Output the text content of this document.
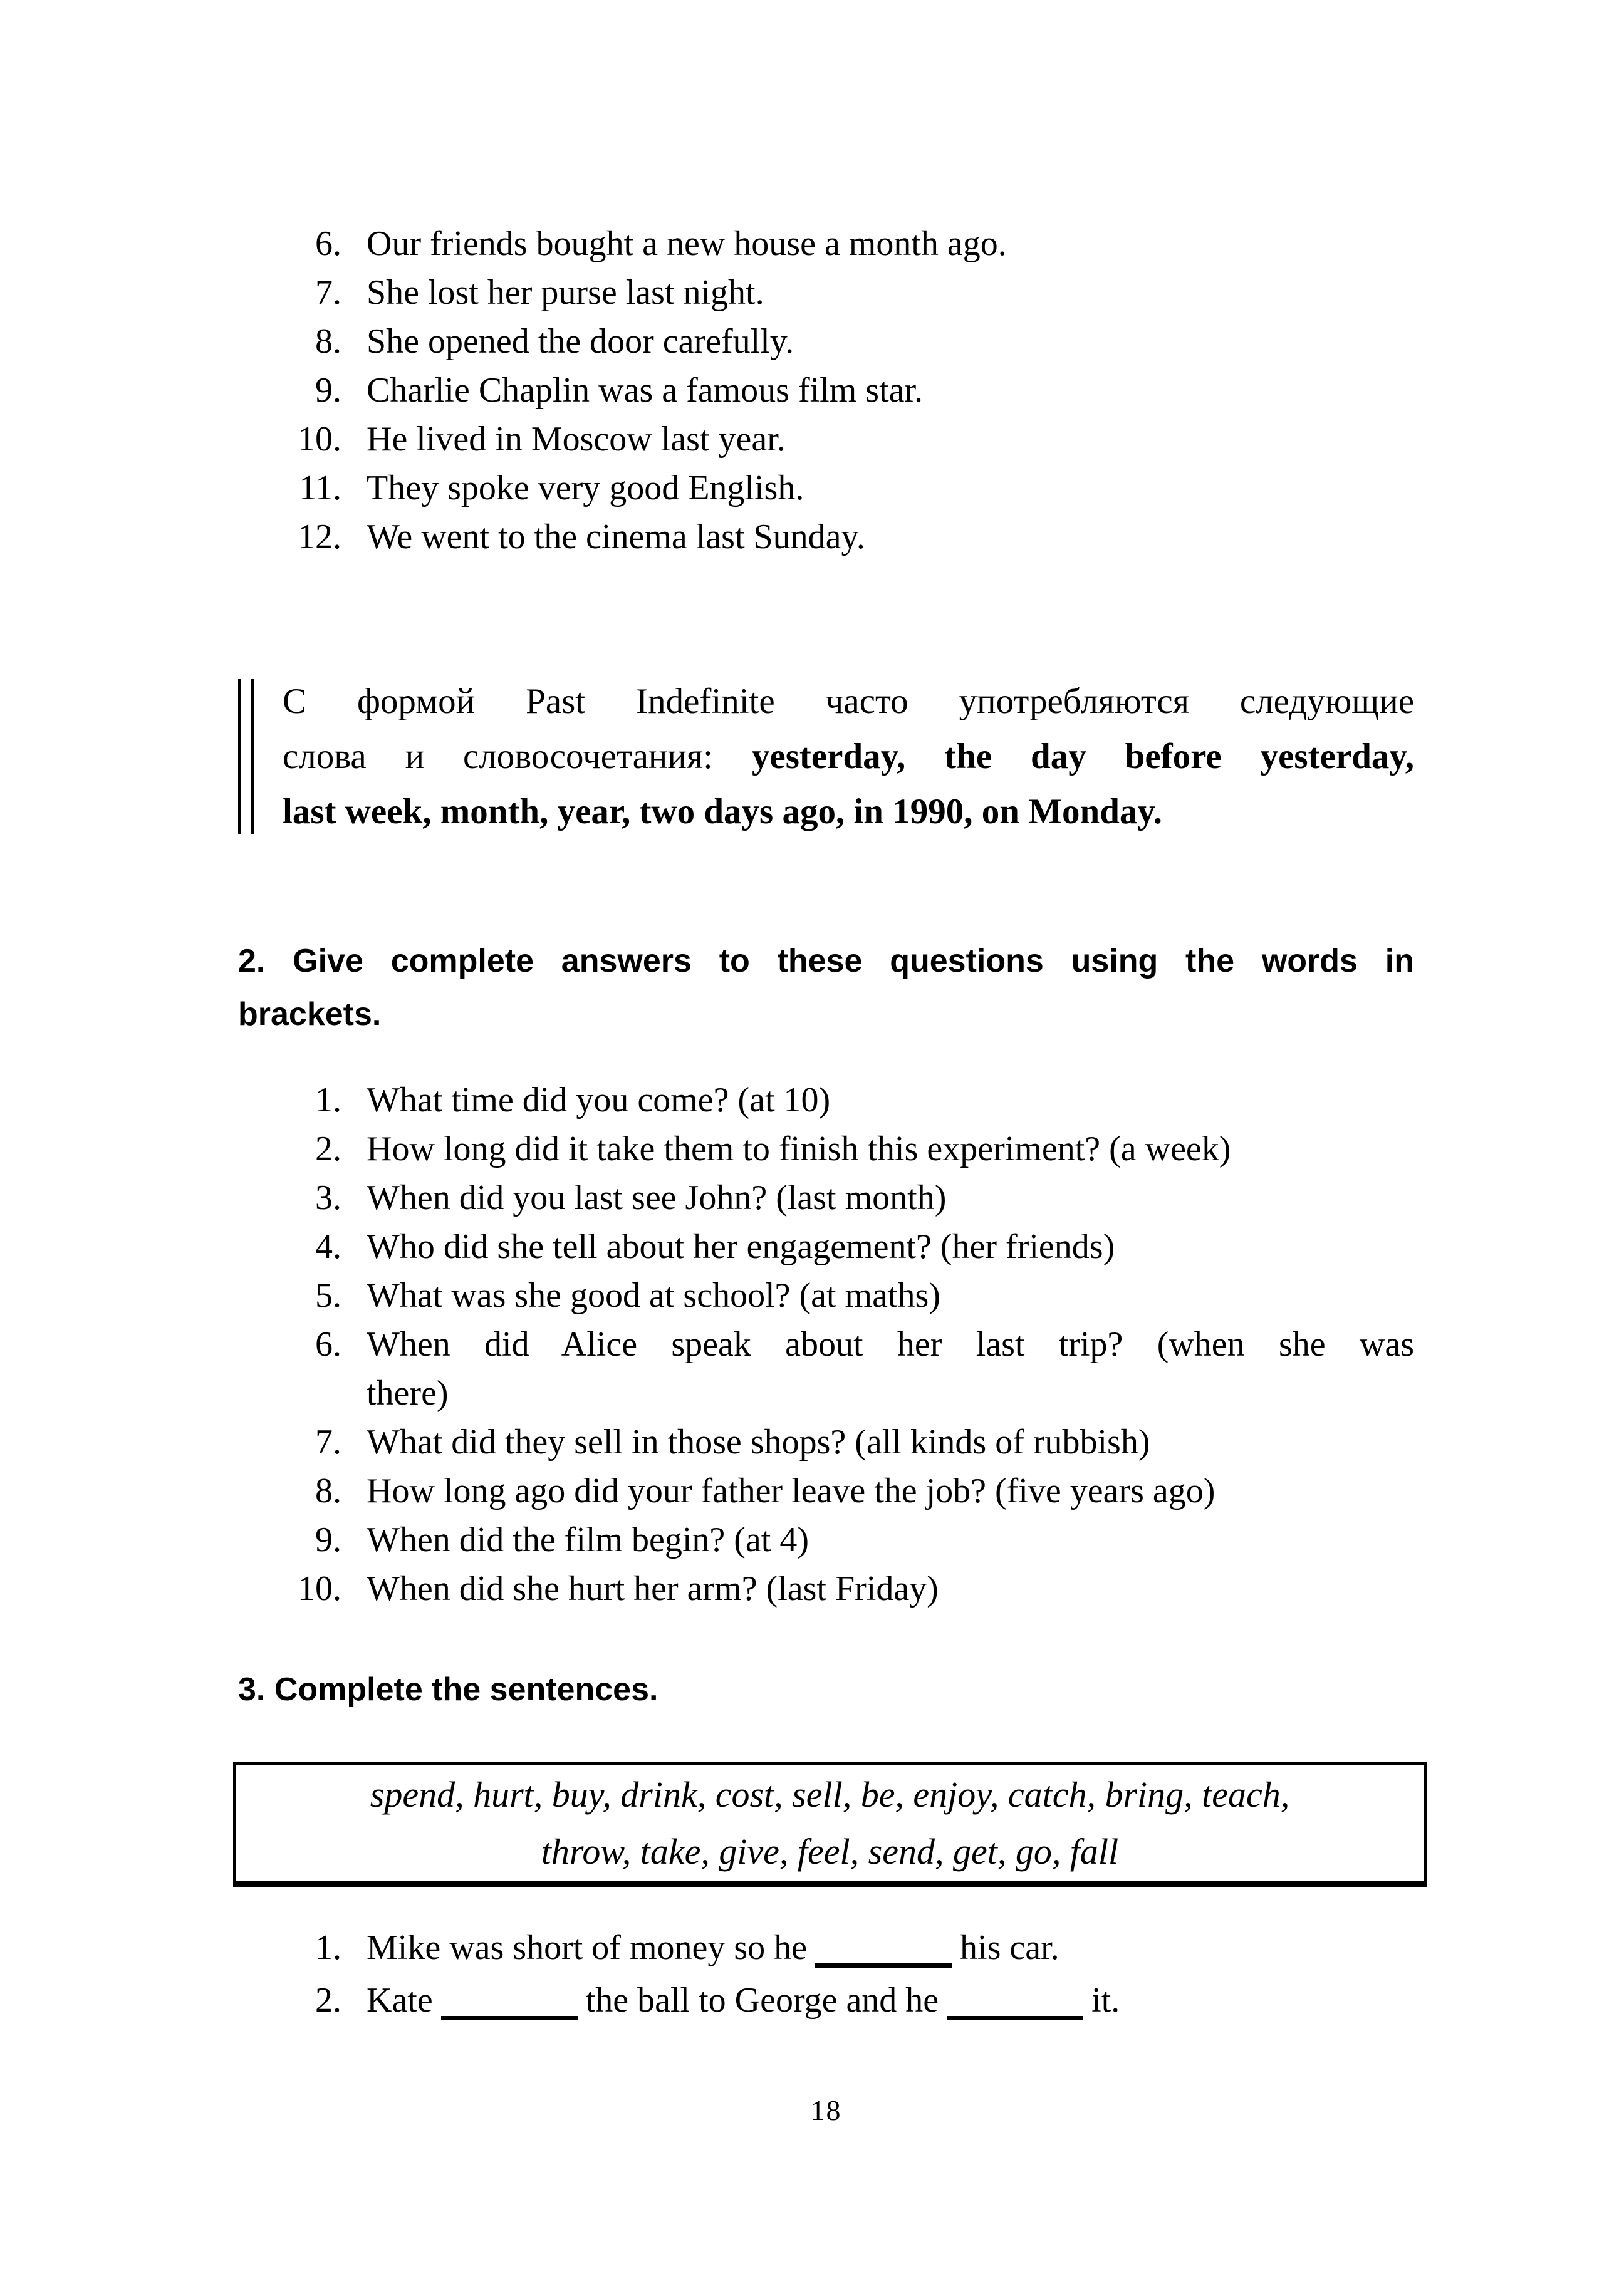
6. Our friends bought a new house a month ago.
7. She lost her purse last night.
8. She opened the door carefully.
9. Charlie Chaplin was a famous film star.
10. He lived in Moscow last year.
11. They spoke very good English.
12. We went to the cinema last Sunday.
С формой Past Indefinite часто употребляются следующие
слова и словосочетания: yesterday, the day before yesterday,
last week, month, year, two days ago, in 1990, on Monday.
2. Give complete answers to these questions using the words in
brackets.
1. What time did you come? (at 10)
2. How long did it take them to finish this experiment? (a week)
3. When did you last see John? (last month)
4. Who did she tell about her engagement? (her friends)
5. What was she good at school? (at maths)
6. When did Alice speak about her last trip? (when she was
there)
7. What did they sell in those shops? (all kinds of rubbish)
8. How long ago did your father leave the job? (five years ago)
9. When did the film begin? (at 4)
10. When did she hurt her arm? (last Friday)
3. Complete the sentences.
spend, hurt, buy, drink, cost, sell, be, enjoy, catch, bring, teach,
throw, take, give, feel, send, get, go, fall
1. Mike was short of money so he	his car.
2. Kate	the ball to George and he	it.
18
